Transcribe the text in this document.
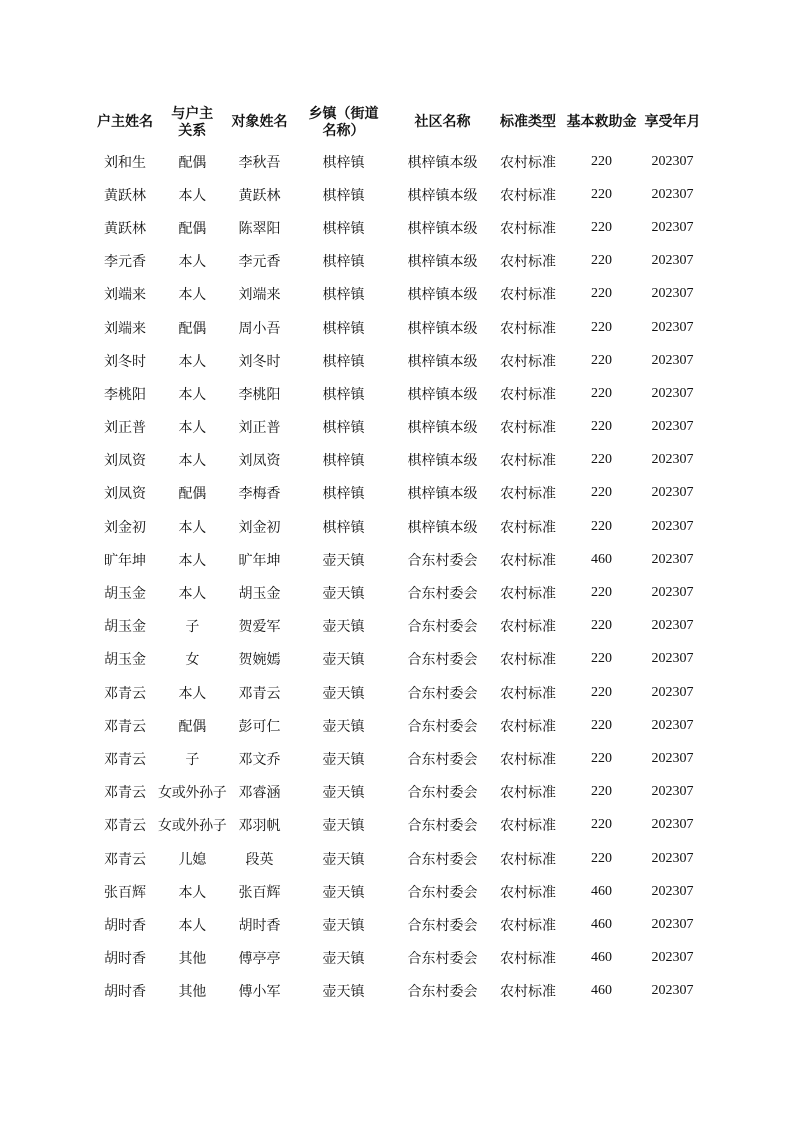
户主姓名	与户主关系	对象姓名	乡镇（街道名称）	社区名称	标准类型	基本救助金	享受年月
刘和生	配偶	李秋吾	棋梓镇	棋梓镇本级	农村标准	220	202307
黄跃林	本人	黄跃林	棋梓镇	棋梓镇本级	农村标准	220	202307
黄跃林	配偶	陈翠阳	棋梓镇	棋梓镇本级	农村标准	220	202307
李元香	本人	李元香	棋梓镇	棋梓镇本级	农村标准	220	202307
刘端来	本人	刘端来	棋梓镇	棋梓镇本级	农村标准	220	202307
刘端来	配偶	周小吾	棋梓镇	棋梓镇本级	农村标准	220	202307
刘冬时	本人	刘冬时	棋梓镇	棋梓镇本级	农村标准	220	202307
李桃阳	本人	李桃阳	棋梓镇	棋梓镇本级	农村标准	220	202307
刘正普	本人	刘正普	棋梓镇	棋梓镇本级	农村标准	220	202307
刘凤资	本人	刘凤资	棋梓镇	棋梓镇本级	农村标准	220	202307
刘凤资	配偶	李梅香	棋梓镇	棋梓镇本级	农村标准	220	202307
刘金初	本人	刘金初	棋梓镇	棋梓镇本级	农村标准	220	202307
旷年坤	本人	旷年坤	壶天镇	合东村委会	农村标准	460	202307
胡玉金	本人	胡玉金	壶天镇	合东村委会	农村标准	220	202307
胡玉金	子	贺爱军	壶天镇	合东村委会	农村标准	220	202307
胡玉金	女	贺婉嫣	壶天镇	合东村委会	农村标准	220	202307
邓青云	本人	邓青云	壶天镇	合东村委会	农村标准	220	202307
邓青云	配偶	彭可仁	壶天镇	合东村委会	农村标准	220	202307
邓青云	子	邓文乔	壶天镇	合东村委会	农村标准	220	202307
邓青云	女或外孙子	邓睿涵	壶天镇	合东村委会	农村标准	220	202307
邓青云	女或外孙子	邓羽帆	壶天镇	合东村委会	农村标准	220	202307
邓青云	儿媳	段英	壶天镇	合东村委会	农村标准	220	202307
张百辉	本人	张百辉	壶天镇	合东村委会	农村标准	460	202307
胡时香	本人	胡时香	壶天镇	合东村委会	农村标准	460	202307
胡时香	其他	傅亭亭	壶天镇	合东村委会	农村标准	460	202307
胡时香	其他	傅小军	壶天镇	合东村委会	农村标准	460	202307
